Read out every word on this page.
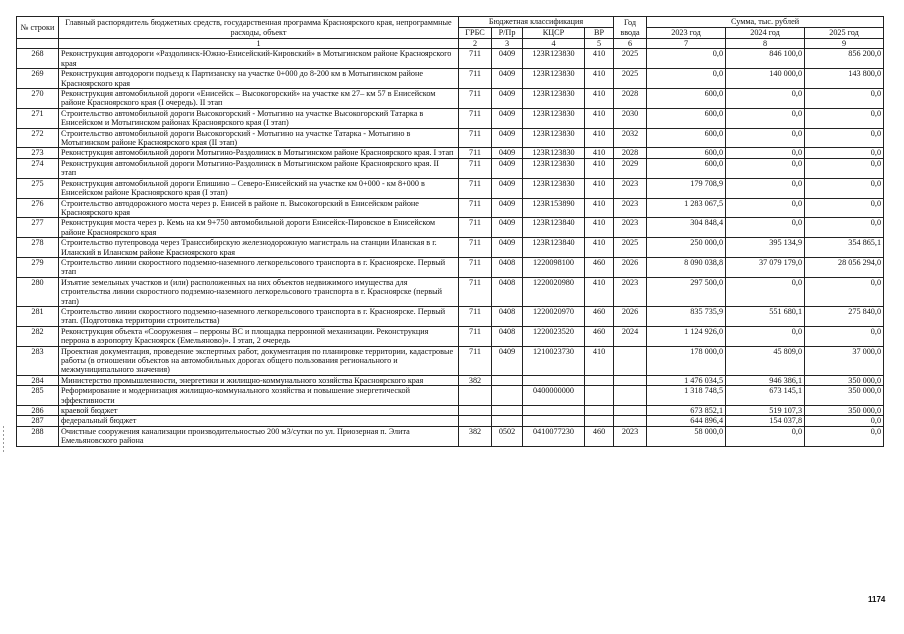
№ строки	Главный распорядитель бюджетных средств, государственная программа Красноярского края, непрограммные расходы, объект	Бюджетная классификация				Год ввода	Сумма, тыс. рублей		
		ГРБС	Р/Пр	КЦСР	ВР		2023 год	2024 год	2025 год
	1	2	3	4	5	6	7	8	9
268	Реконструкция автодороги «Раздолинск-Южно-Енисейский-Кировский» в Мотыгинском районе Красноярского края	711	0409	123R123830	410	2025	0,0	846 100,0	856 200,0
269	Реконструкция автодороги подъезд к Партизанску на участке 0+000 до 8-200 км в Мотыгинском районе Красноярского края	711	0409	123R123830	410	2025	0,0	140 000,0	143 800,0
270	Реконструкция автомобильной дороги «Енисейск – Высокогорский» на участке км 27– км 57 в Енисейском районе Красноярского края (I очередь). II этап	711	0409	123R123830	410	2028	600,0	0,0	0,0
271	Строительство автомобильной дороги Высокогорский - Мотыгино на участке Высокогорский Татарка в Енисейском и Мотыгинском районах Красноярского края (I этап)	711	0409	123R123830	410	2030	600,0	0,0	0,0
272	Строительство автомобильной дороги Высокогорский - Мотыгино на участке Татарка - Мотыгино в Мотыгинском районе Красноярского края (II этап)	711	0409	123R123830	410	2032	600,0	0,0	0,0
273	Реконструкция автомобильной дороги Мотыгино-Раздолинск в Мотыгинском районе Красноярского края. I этап	711	0409	123R123830	410	2028	600,0	0,0	0,0
274	Реконструкция автомобильной дороги Мотыгино-Раздолинск в Мотыгинском районе Красноярского края. II этап	711	0409	123R123830	410	2029	600,0	0,0	0,0
275	Реконструкция автомобильной дороги Епишино – Северо-Енисейский на участке км 0+000 - км 8+000 в Енисейском районе Красноярского края (I этап)	711	0409	123R123830	410	2023	179 708,9	0,0	0,0
276	Строительство автодорожного моста через р. Енисей в районе п. Высокогорский в Енисейском районе Красноярского края	711	0409	123R153890	410	2023	1 283 067,5	0,0	0,0
277	Реконструкция моста через р. Кемь на км 9+750 автомобильной дороги Енисейск-Пировское в Енисейском районе Красноярского края	711	0409	123R123840	410	2023	304 848,4	0,0	0,0
278	Строительство путепровода через Транссибирскую железнодорожную магистраль на станции Иланская в г. Иланский в Иланском районе Красноярского края	711	0409	123R123840	410	2025	250 000,0	395 134,9	354 865,1
279	Строительство линии скоростного подземно-наземного легкорельсового транспорта в г. Красноярске. Первый этап	711	0408	1220098100	460	2026	8 090 038,8	37 079 179,0	28 056 294,0
280	Изъятие земельных участков и (или) расположенных на них объектов недвижимого имущества для строительства линии скоростного подземно-наземного легкорельсового транспорта в г. Красноярске (первый этап)	711	0408	1220020980	410	2023	297 500,0	0,0	0,0
281	Строительство линии скоростного подземно-наземного легкорельсового транспорта в г. Красноярске. Первый этап. (Подготовка территории строительства)	711	0408	1220020970	460	2026	835 735,9	551 680,1	275 840,0
282	Реконструкция объекта «Сооружения – перроны ВС и площадка перронной механизации. Реконструкция перрона в аэропорту Красноярск (Емельяново)». I этап, 2 очередь	711	0408	1220023520	460	2024	1 124 926,0	0,0	0,0
283	Проектная документация, проведение экспертных работ, документация по планировке территории, кадастровые работы (в отношении объектов на автомобильных дорогах общего пользования регионального и межмуниципального значения)	711	0409	1210023730	410		178 000,0	45 809,0	37 000,0
284	Министерство промышленности, энергетики и жилищно-коммунального хозяйства Красноярского края	382					1 476 034,5	946 386,1	350 000,0
285	Реформирование и модернизация жилищно-коммунального хозяйства и повышение энергетической эффективности			0400000000			1 318 748,5	673 145,1	350 000,0
286	краевой бюджет						673 852,1	519 107,3	350 000,0
287	федеральный бюджет						644 896,4	154 037,8	0,0
288	Очистные сооружения канализации производительностью 200 м3/сутки по ул. Приозерная п. Элита Емельяновского района	382	0502	0410077230	460	2023	58 000,0	0,0	0,0
1174
